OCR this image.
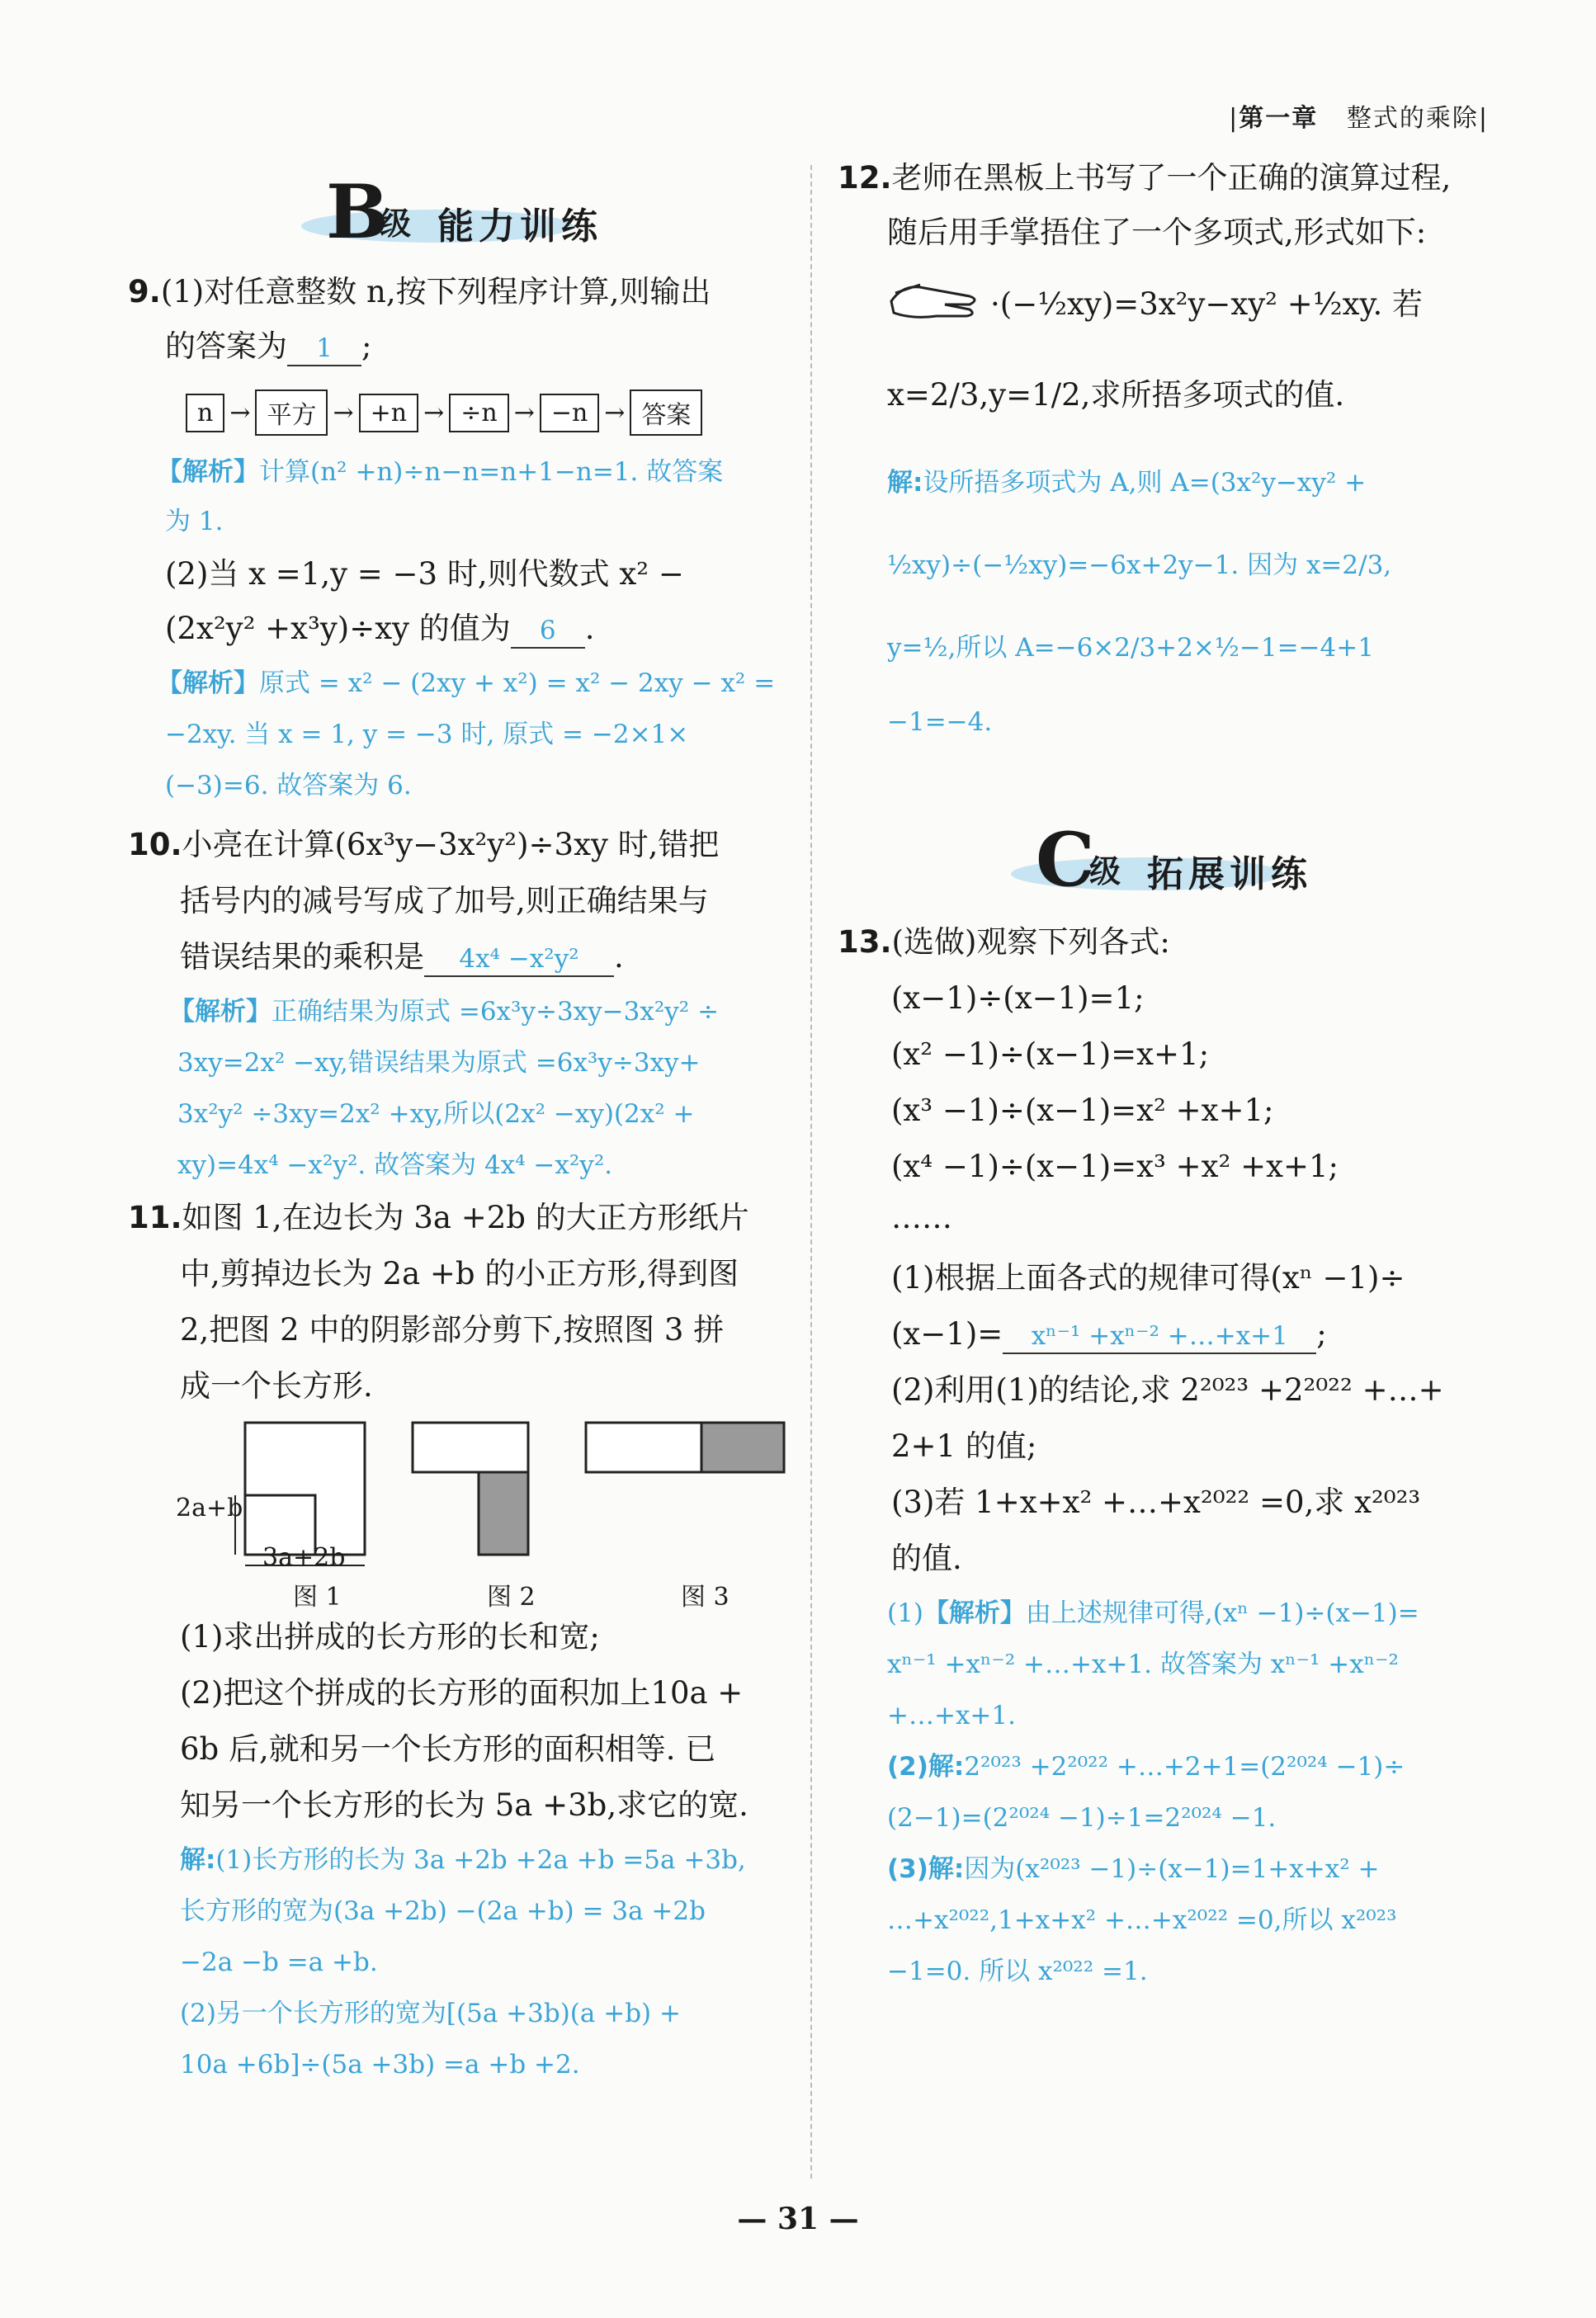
|第一章 整式的乘除|
B
级 能力训练
9.(1)对任意整数 n,按下列程序计算,则输出
的答案为 1 ;
n → 平方 → +n → ÷n → −n → 答案
【解析】计算(n² +n)÷n−n=n+1−n=1. 故答案
为 1.
(2)当 x =1,y = −3 时,则代数式 x² −
(2x²y² +x³y)÷xy 的值为 6 .
【解析】原式 = x² − (2xy + x²) = x² − 2xy − x² =
−2xy. 当 x = 1, y = −3 时, 原式 = −2×1×
(−3)=6. 故答案为 6.
10.小亮在计算(6x³y−3x²y²)÷3xy 时,错把
括号内的减号写成了加号,则正确结果与
错误结果的乘积是 4x⁴ −x²y² .
【解析】正确结果为原式 =6x³y÷3xy−3x²y² ÷
3xy=2x² −xy,错误结果为原式 =6x³y÷3xy+
3x²y² ÷3xy=2x² +xy,所以(2x² −xy)(2x² +
xy)=4x⁴ −x²y². 故答案为 4x⁴ −x²y².
11.如图 1,在边长为 3a +2b 的大正方形纸片
中,剪掉边长为 2a +b 的小正方形,得到图
2,把图 2 中的阴影部分剪下,按照图 3 拼
成一个长方形.
2a+b
3a+2b
图 1	图 2	图 3
(1)求出拼成的长方形的长和宽;
(2)把这个拼成的长方形的面积加上10a +
6b 后,就和另一个长方形的面积相等. 已
知另一个长方形的长为 5a +3b,求它的宽.
解:(1)长方形的长为 3a +2b +2a +b =5a +3b,
长方形的宽为(3a +2b) −(2a +b) = 3a +2b
−2a −b =a +b.
(2)另一个长方形的宽为[(5a +3b)(a +b) +
10a +6b]÷(5a +3b) =a +b +2.
12.老师在黑板上书写了一个正确的演算过程,
随后用手掌捂住了一个多项式,形式如下:
·(−½xy)=3x²y−xy² +½xy. 若
x=2/3,y=1/2,求所捂多项式的值.
解:设所捂多项式为 A,则 A=(3x²y−xy² +
½xy)÷(−½xy)=−6x+2y−1. 因为 x=2/3,
y=½,所以 A=−6×2/3+2×½−1=−4+1
−1=−4.
C
级 拓展训练
13.(选做)观察下列各式:
(x−1)÷(x−1)=1;
(x² −1)÷(x−1)=x+1;
(x³ −1)÷(x−1)=x² +x+1;
(x⁴ −1)÷(x−1)=x³ +x² +x+1;
……
(1)根据上面各式的规律可得(xⁿ −1)÷
(x−1)= xⁿ⁻¹ +xⁿ⁻² +…+x+1 ;
(2)利用(1)的结论,求 2²⁰²³ +2²⁰²² +…+
2+1 的值;
(3)若 1+x+x² +…+x²⁰²² =0,求 x²⁰²³
的值.
(1)【解析】由上述规律可得,(xⁿ −1)÷(x−1)=
xⁿ⁻¹ +xⁿ⁻² +…+x+1. 故答案为 xⁿ⁻¹ +xⁿ⁻²
+…+x+1.
(2)解:2²⁰²³ +2²⁰²² +…+2+1=(2²⁰²⁴ −1)÷
(2−1)=(2²⁰²⁴ −1)÷1=2²⁰²⁴ −1.
(3)解:因为(x²⁰²³ −1)÷(x−1)=1+x+x² +
…+x²⁰²²,1+x+x² +…+x²⁰²² =0,所以 x²⁰²³
−1=0. 所以 x²⁰²² =1.
— 31 —
